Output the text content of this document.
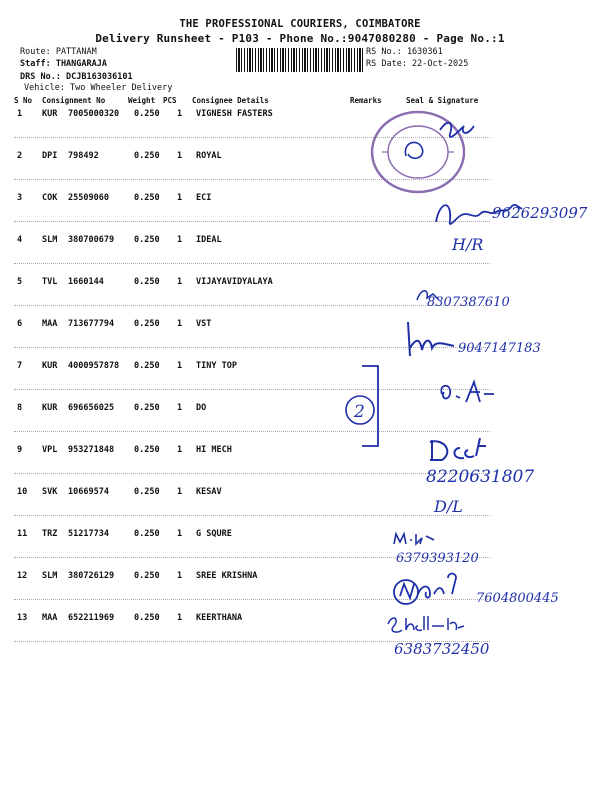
THE PROFESSIONAL COURIERS, COIMBATORE
Delivery Runsheet - P103 - Phone No.:9047080280 - Page No.:1
Route: PATTANAM
Staff: THANGARAJA
DRS No.: DCJB163036101
Vehicle: Two Wheeler Delivery
RS No.: 1630361
RS Date: 22-Oct-2025
S No Consignment No	Weight PCS Consignee Details	Remarks	Seal & Signature
1 KUR 7005000320 0.250 1 VIGNESH FASTERS
2 DPI 798492	0.250 1 ROYAL
3 COK 25509060	0.250 1 ECI
4 SLM 380700679 0.250 1 IDEAL
5 TVL 1660144	0.250 1 VIJAYAVIDYALAYA
6 MAA 713677794 0.250 1 VST
7 KUR 4000957878 0.250 1 TINY TOP
8 KUR 696656025 0.250 1 DO
9 VPL 953271848 0.250 1 HI MECH
10 SVK 10669574	0.250 1 KESAV
11 TRZ 51217734	0.250 1 G SQURE
12 SLM 380726129 0.250 1 SREE KRISHNA
13 MAA 652211969 0.250 1 KEERTHANA
9626293097
H/R
8307387610
9047147183
2
8220631807
D/L
6379393120
7604800445
6383732450
